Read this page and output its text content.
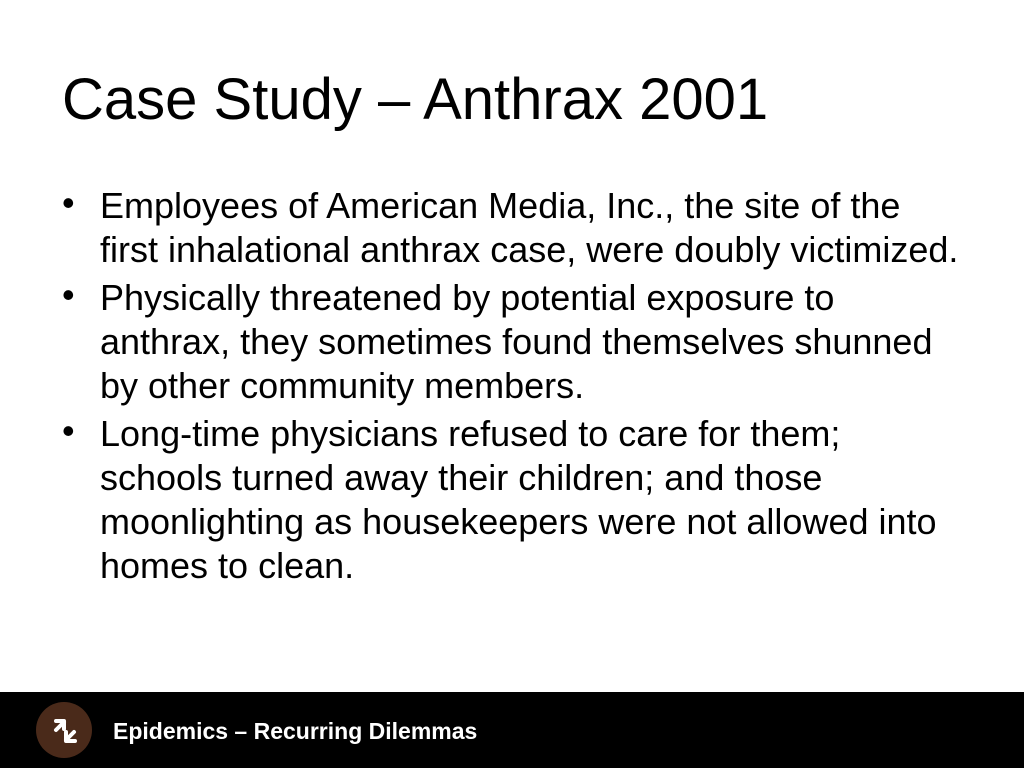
Case Study – Anthrax 2001
• Employees of American Media, Inc., the site of the first inhalational anthrax case, were doubly victimized.
• Physically threatened by potential exposure to anthrax, they sometimes found themselves shunned by other community members.
• Long-time physicians refused to care for them; schools turned away their children; and those moonlighting as housekeepers were not allowed into homes to clean.
Epidemics – Recurring Dilemmas
